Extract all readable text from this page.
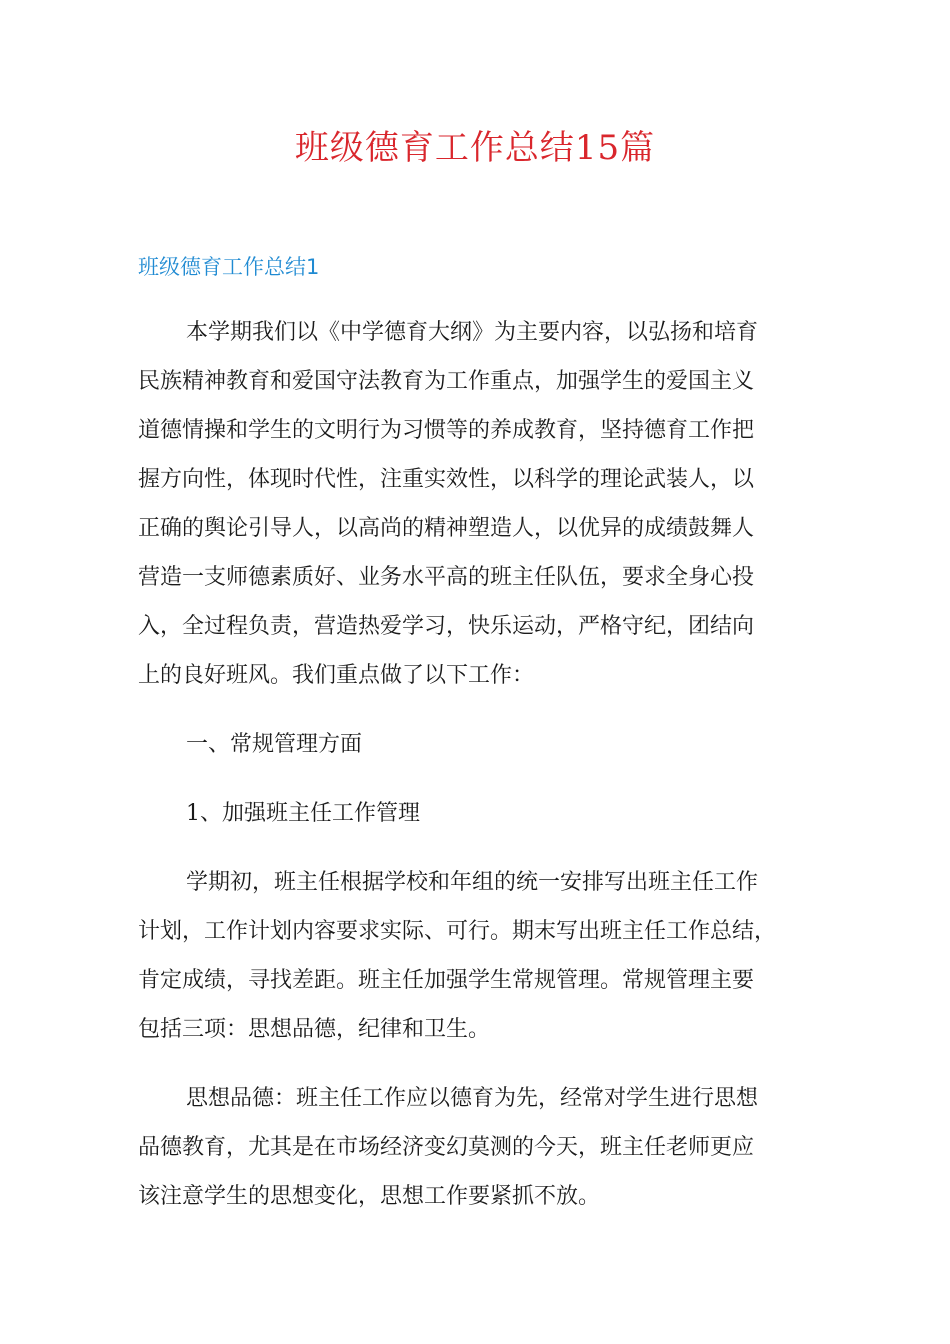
班级德育工作总结15篇
班级德育工作总结1

本学期我们以《中学德育大纲》为主要内容，以弘扬和培育
民族精神教育和爱国守法教育为工作重点，加强学生的爱国主义
道德情操和学生的文明行为习惯等的养成教育，坚持德育工作把
握方向性，体现时代性，注重实效性，以科学的理论武装人，以
正确的舆论引导人，以高尚的精神塑造人，以优异的成绩鼓舞人
营造一支师德素质好、业务水平高的班主任队伍，要求全身心投
入，全过程负责，营造热爱学习，快乐运动，严格守纪，团结向
上的良好班风。我们重点做了以下工作：

一、常规管理方面

1、加强班主任工作管理

学期初，班主任根据学校和年组的统一安排写出班主任工作
计划，工作计划内容要求实际、可行。期末写出班主任工作总结，
肯定成绩，寻找差距。班主任加强学生常规管理。常规管理主要
包括三项：思想品德，纪律和卫生。

思想品德：班主任工作应以德育为先，经常对学生进行思想
品德教育，尤其是在市场经济变幻莫测的今天，班主任老师更应
该注意学生的思想变化，思想工作要紧抓不放。
